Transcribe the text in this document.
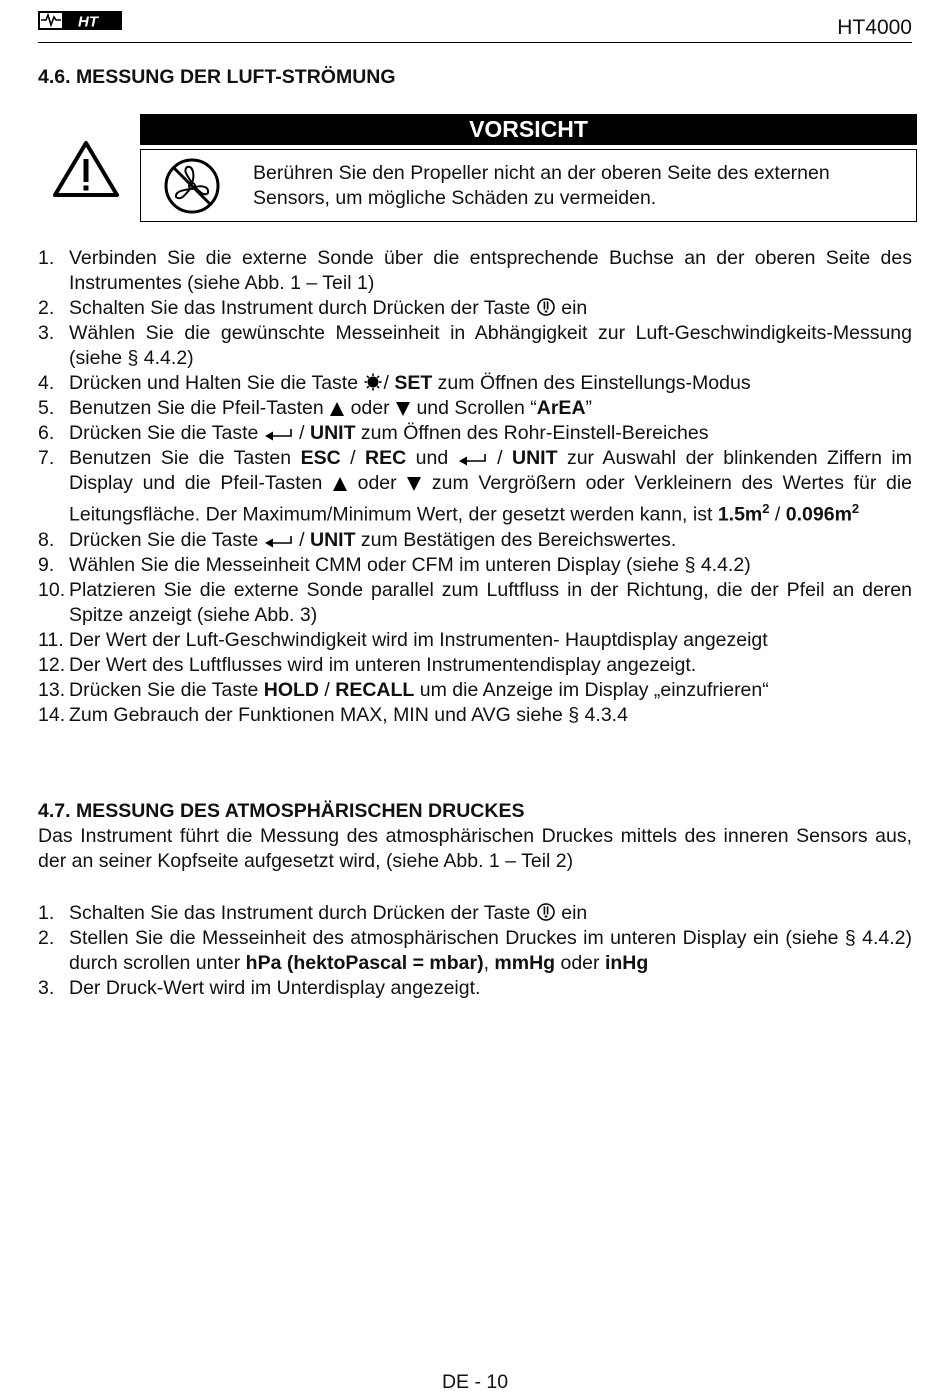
HT	HT4000
4.6. MESSUNG DER LUFT-STRÖMUNG
VORSICHT
Berühren Sie den Propeller nicht an der oberen Seite des externen Sensors, um mögliche Schäden zu vermeiden.
1. Verbinden Sie die externe Sonde über die entsprechende Buchse an der oberen Seite des Instrumentes (siehe Abb. 1 – Teil 1)
2. Schalten Sie das Instrument durch Drücken der Taste  ein
3. Wählen Sie die gewünschte Messeinheit in Abhängigkeit zur Luft-Geschwindigkeits-Messung (siehe § 4.4.2)
4. Drücken und Halten Sie die Taste / SET zum Öffnen des Einstellungs-Modus
5. Benutzen Sie die Pfeil-Tasten  oder  und Scrollen “ArEA”
6. Drücken Sie die Taste  / UNIT zum Öffnen des Rohr-Einstell-Bereiches
7. Benutzen Sie die Tasten ESC / REC und  / UNIT zur Auswahl der blinkenden Ziffern im Display und die Pfeil-Tasten  oder  zum Vergrößern oder Verkleinern des Wertes für die Leitungsfläche. Der Maximum/Minimum Wert, der gesetzt werden kann, ist $1.5m^2 / 0.096m^2$
8. Drücken Sie die Taste  / UNIT zum Bestätigen des Bereichswertes.
9. Wählen Sie die Messeinheit CMM oder CFM im unteren Display (siehe § 4.4.2)
10. Platzieren Sie die externe Sonde parallel zum Luftfluss in der Richtung, die der Pfeil an deren Spitze anzeigt (siehe Abb. 3)
11. Der Wert der Luft-Geschwindigkeit wird im Instrumenten- Hauptdisplay angezeigt
12. Der Wert des Luftflusses wird im unteren Instrumentendisplay angezeigt.
13. Drücken Sie die Taste HOLD / RECALL um die Anzeige im Display „einzufrieren“
14. Zum Gebrauch der Funktionen MAX, MIN und AVG siehe § 4.3.4
4.7. MESSUNG DES ATMOSPHÄRISCHEN DRUCKES

Das Instrument führt die Messung des atmosphärischen Druckes mittels des inneren Sensors aus, der an seiner Kopfseite aufgesetzt wird, (siehe Abb. 1 – Teil 2)

1. Schalten Sie das Instrument durch Drücken der Taste  ein
2. Stellen Sie die Messeinheit des atmosphärischen Druckes im unteren Display ein (siehe § 4.4.2) durch scrollen unter hPa (hektoPascal = mbar), mmHg oder inHg
3. Der Druck-Wert wird im Unterdisplay angezeigt.
DE - 10
